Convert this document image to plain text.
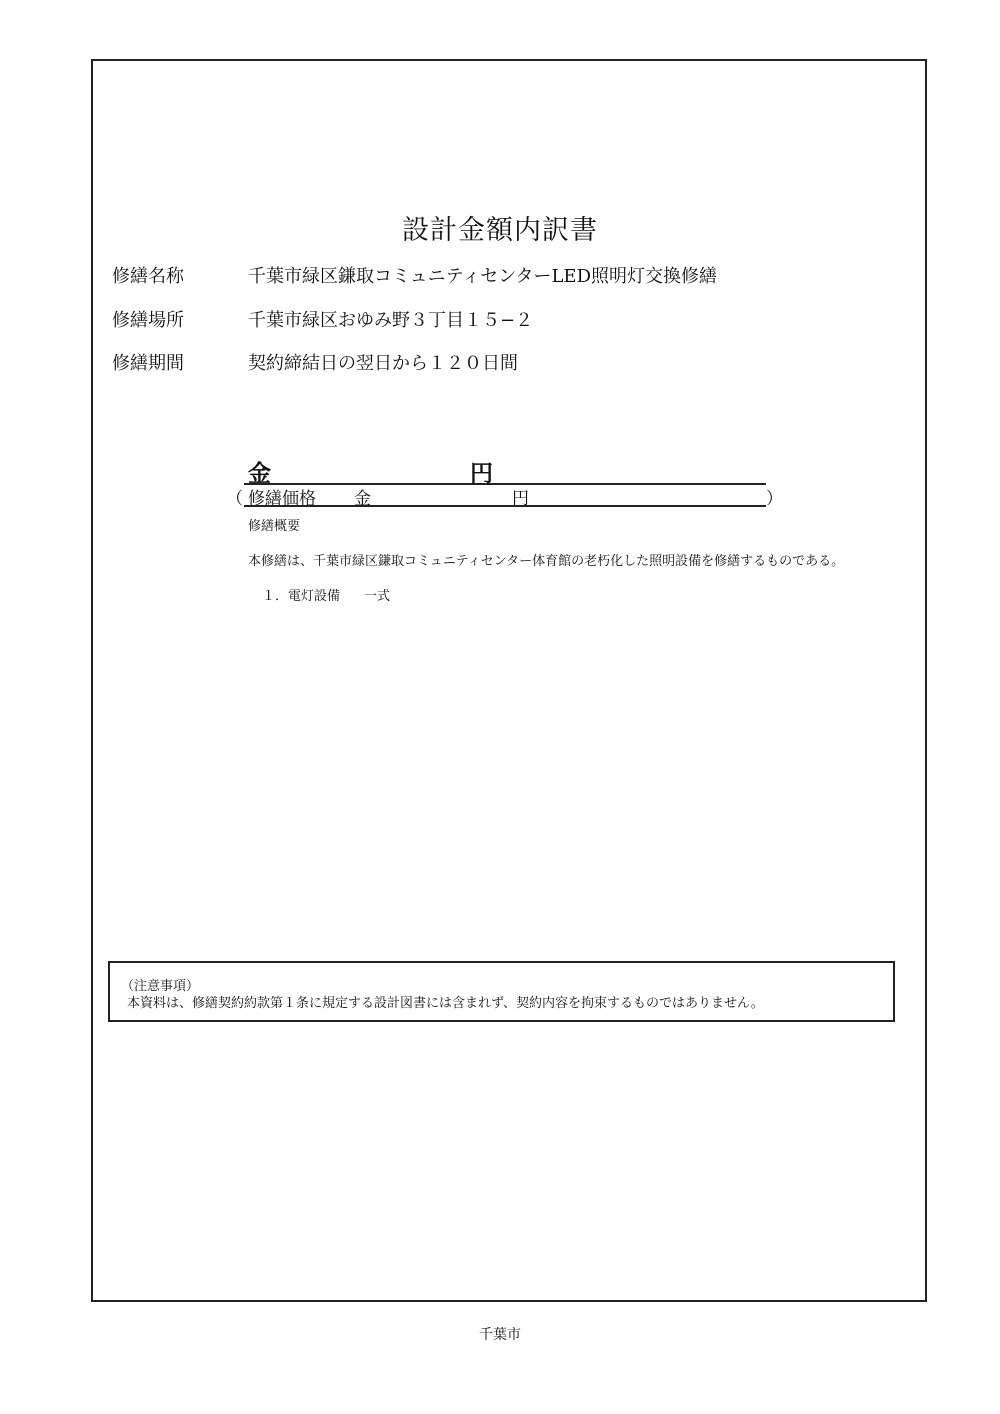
設計金額内訳書
修繕名称	千葉市緑区鎌取コミュニティセンターLED照明灯交換修繕
修繕場所	千葉市緑区おゆみ野３丁目１５−２
修繕期間	契約締結日の翌日から１２０日間
金	円
（ 修繕価格 金	円	）
修繕概要
本修繕は、千葉市緑区鎌取コミュニティセンター体育館の老朽化した照明設備を修繕するものである。
１．電灯設備 一式
（注意事項）
本資料は、修繕契約約款第１条に規定する設計図書には含まれず、契約内容を拘束するものではありません。
千葉市
